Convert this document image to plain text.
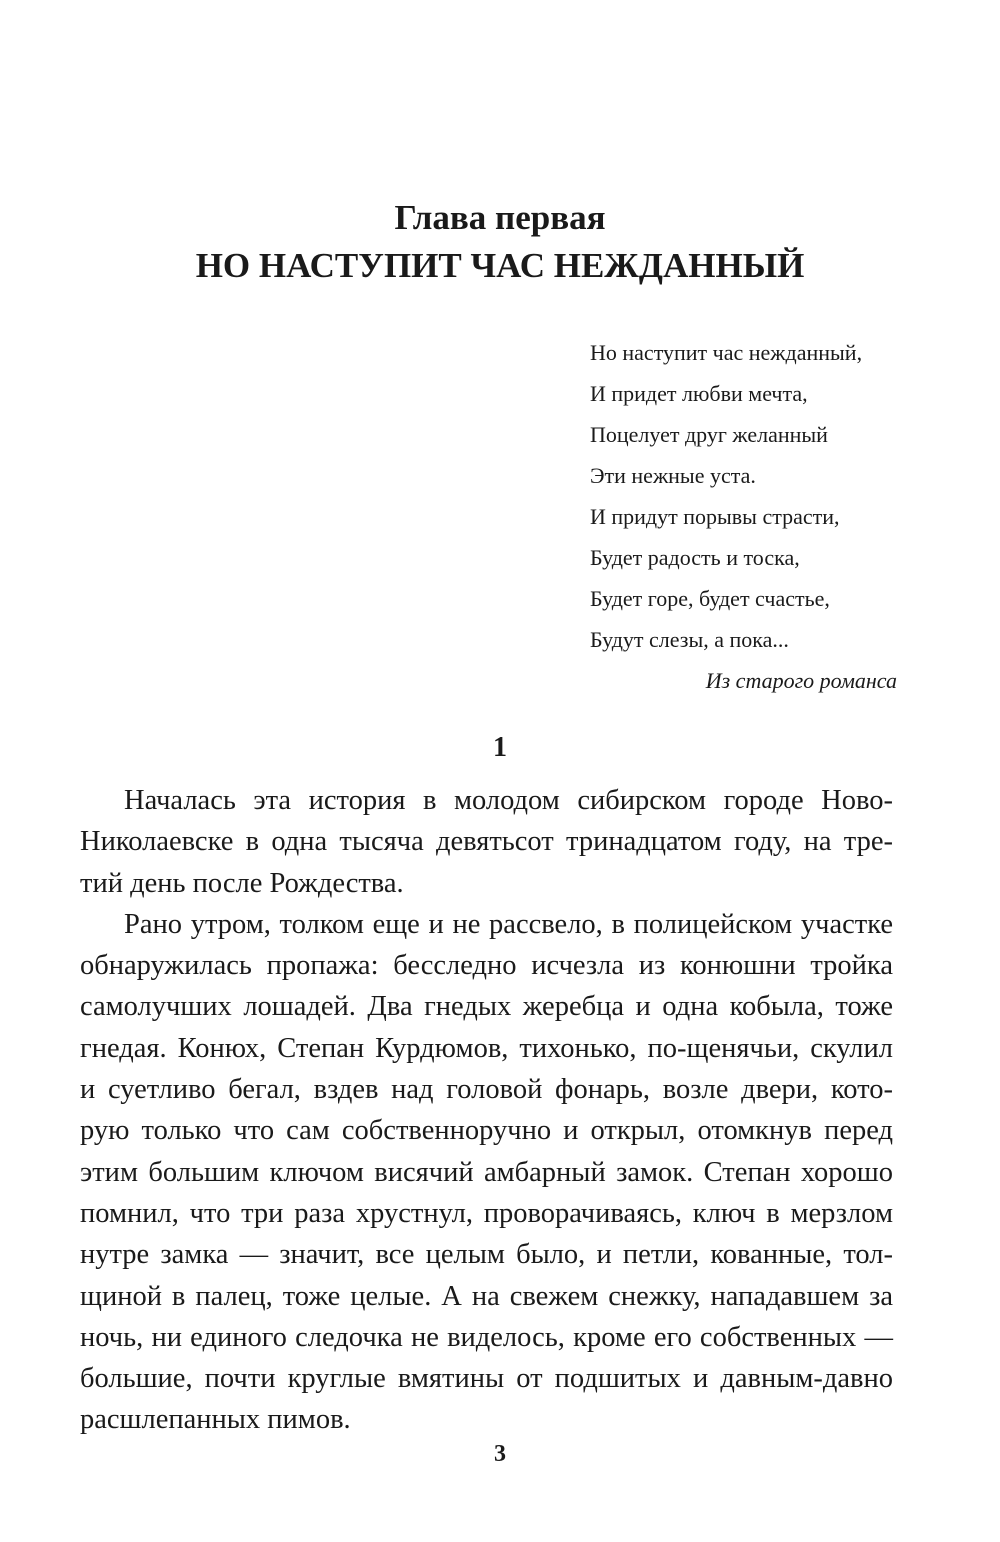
Глава первая
НО НАСТУПИТ ЧАС НЕЖДАННЫЙ
Но наступит час нежданный,
И придет любви мечта,
Поцелует друг желанный
Эти нежные уста.
И придут порывы страсти,
Будет радость и тоска,
Будет горе, будет счастье,
Будут слезы, а пока...
Из старого романса
1
Началась эта история в молодом сибирском городе Ново-
Николаевске в одна тысяча девятьсот тринадцатом году, на тре-
тий день после Рождества.
Рано утром, толком еще и не рассвело, в полицейском участке
обнаружилась пропажа: бесследно исчезла из конюшни тройка
самолучших лошадей. Два гнедых жеребца и одна кобыла, тоже
гнедая. Конюх, Степан Курдюмов, тихонько, по-щенячьи, скулил
и суетливо бегал, вздев над головой фонарь, возле двери, кото-
рую только что сам собственноручно и открыл, отомкнув перед
этим большим ключом висячий амбарный замок. Степан хорошо
помнил, что три раза хрустнул, проворачиваясь, ключ в мерзлом
нутре замка — значит, все целым было, и петли, кованные, тол-
щиной в палец, тоже целые. А на свежем снежку, нападавшем за
ночь, ни единого следочка не виделось, кроме его собственных —
большие, почти круглые вмятины от подшитых и давным-давно
расшлепанных пимов.
3
